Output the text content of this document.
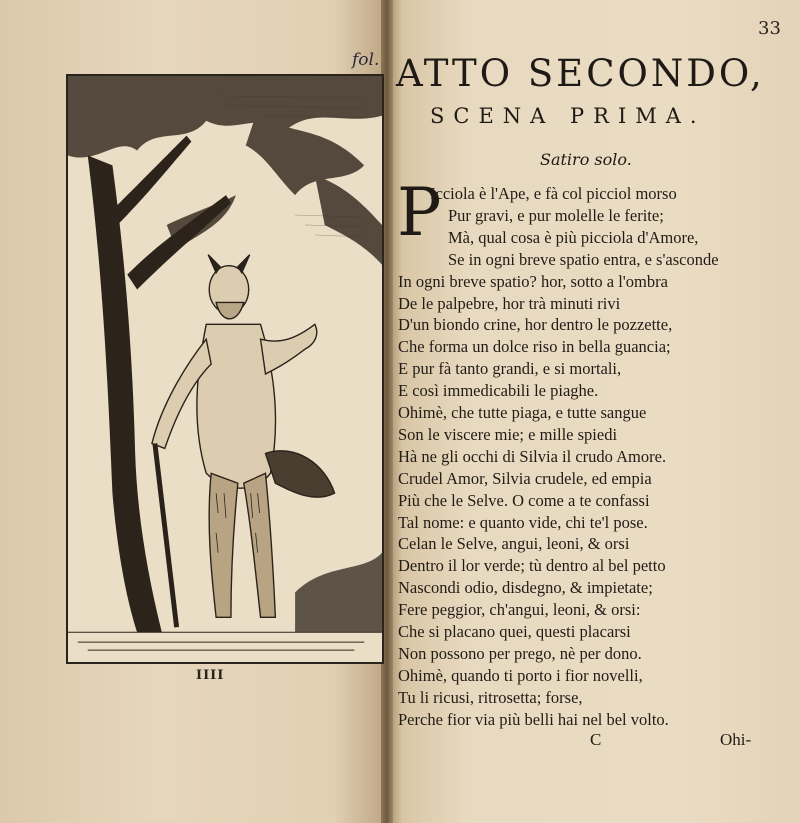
IIII
fol.
33
ATTO SECONDO,
SCENA PRIMA.
Satiro solo.
P
Icciola è l'Ape, e fà col picciol morso
Pur gravi, e pur molelle le ferite;
Mà, qual cosa è più picciola d'Amore,
Se in ogni breve spatio entra, e s'asconde
In ogni breve spatio? hor, sotto a l'ombra
De le palpebre, hor trà minuti rivi
D'un biondo crine, hor dentro le pozzette,
Che forma un dolce riso in bella guancia;
E pur fà tanto grandi, e si mortali,
E così immedicabili le piaghe.
Ohimè, che tutte piaga, e tutte sangue
Son le viscere mie; e mille spiedi
Hà ne gli occhi di Silvia il crudo Amore.
Crudel Amor, Silvia crudele, ed empia
Più che le Selve. O come a te confassi
Tal nome: e quanto vide, chi te'l pose.
Celan le Selve, angui, leoni, & orsi
Dentro il lor verde; tù dentro al bel petto
Nascondi odio, disdegno, & impietate;
Fere peggior, ch'angui, leoni, & orsi:
Che si placano quei, questi placarsi
Non possono per prego, nè per dono.
Ohimè, quando ti porto i fior novelli,
Tu li ricusi, ritrosetta; forse,
Perche fior via più belli hai nel bel volto.
C	Ohi-
